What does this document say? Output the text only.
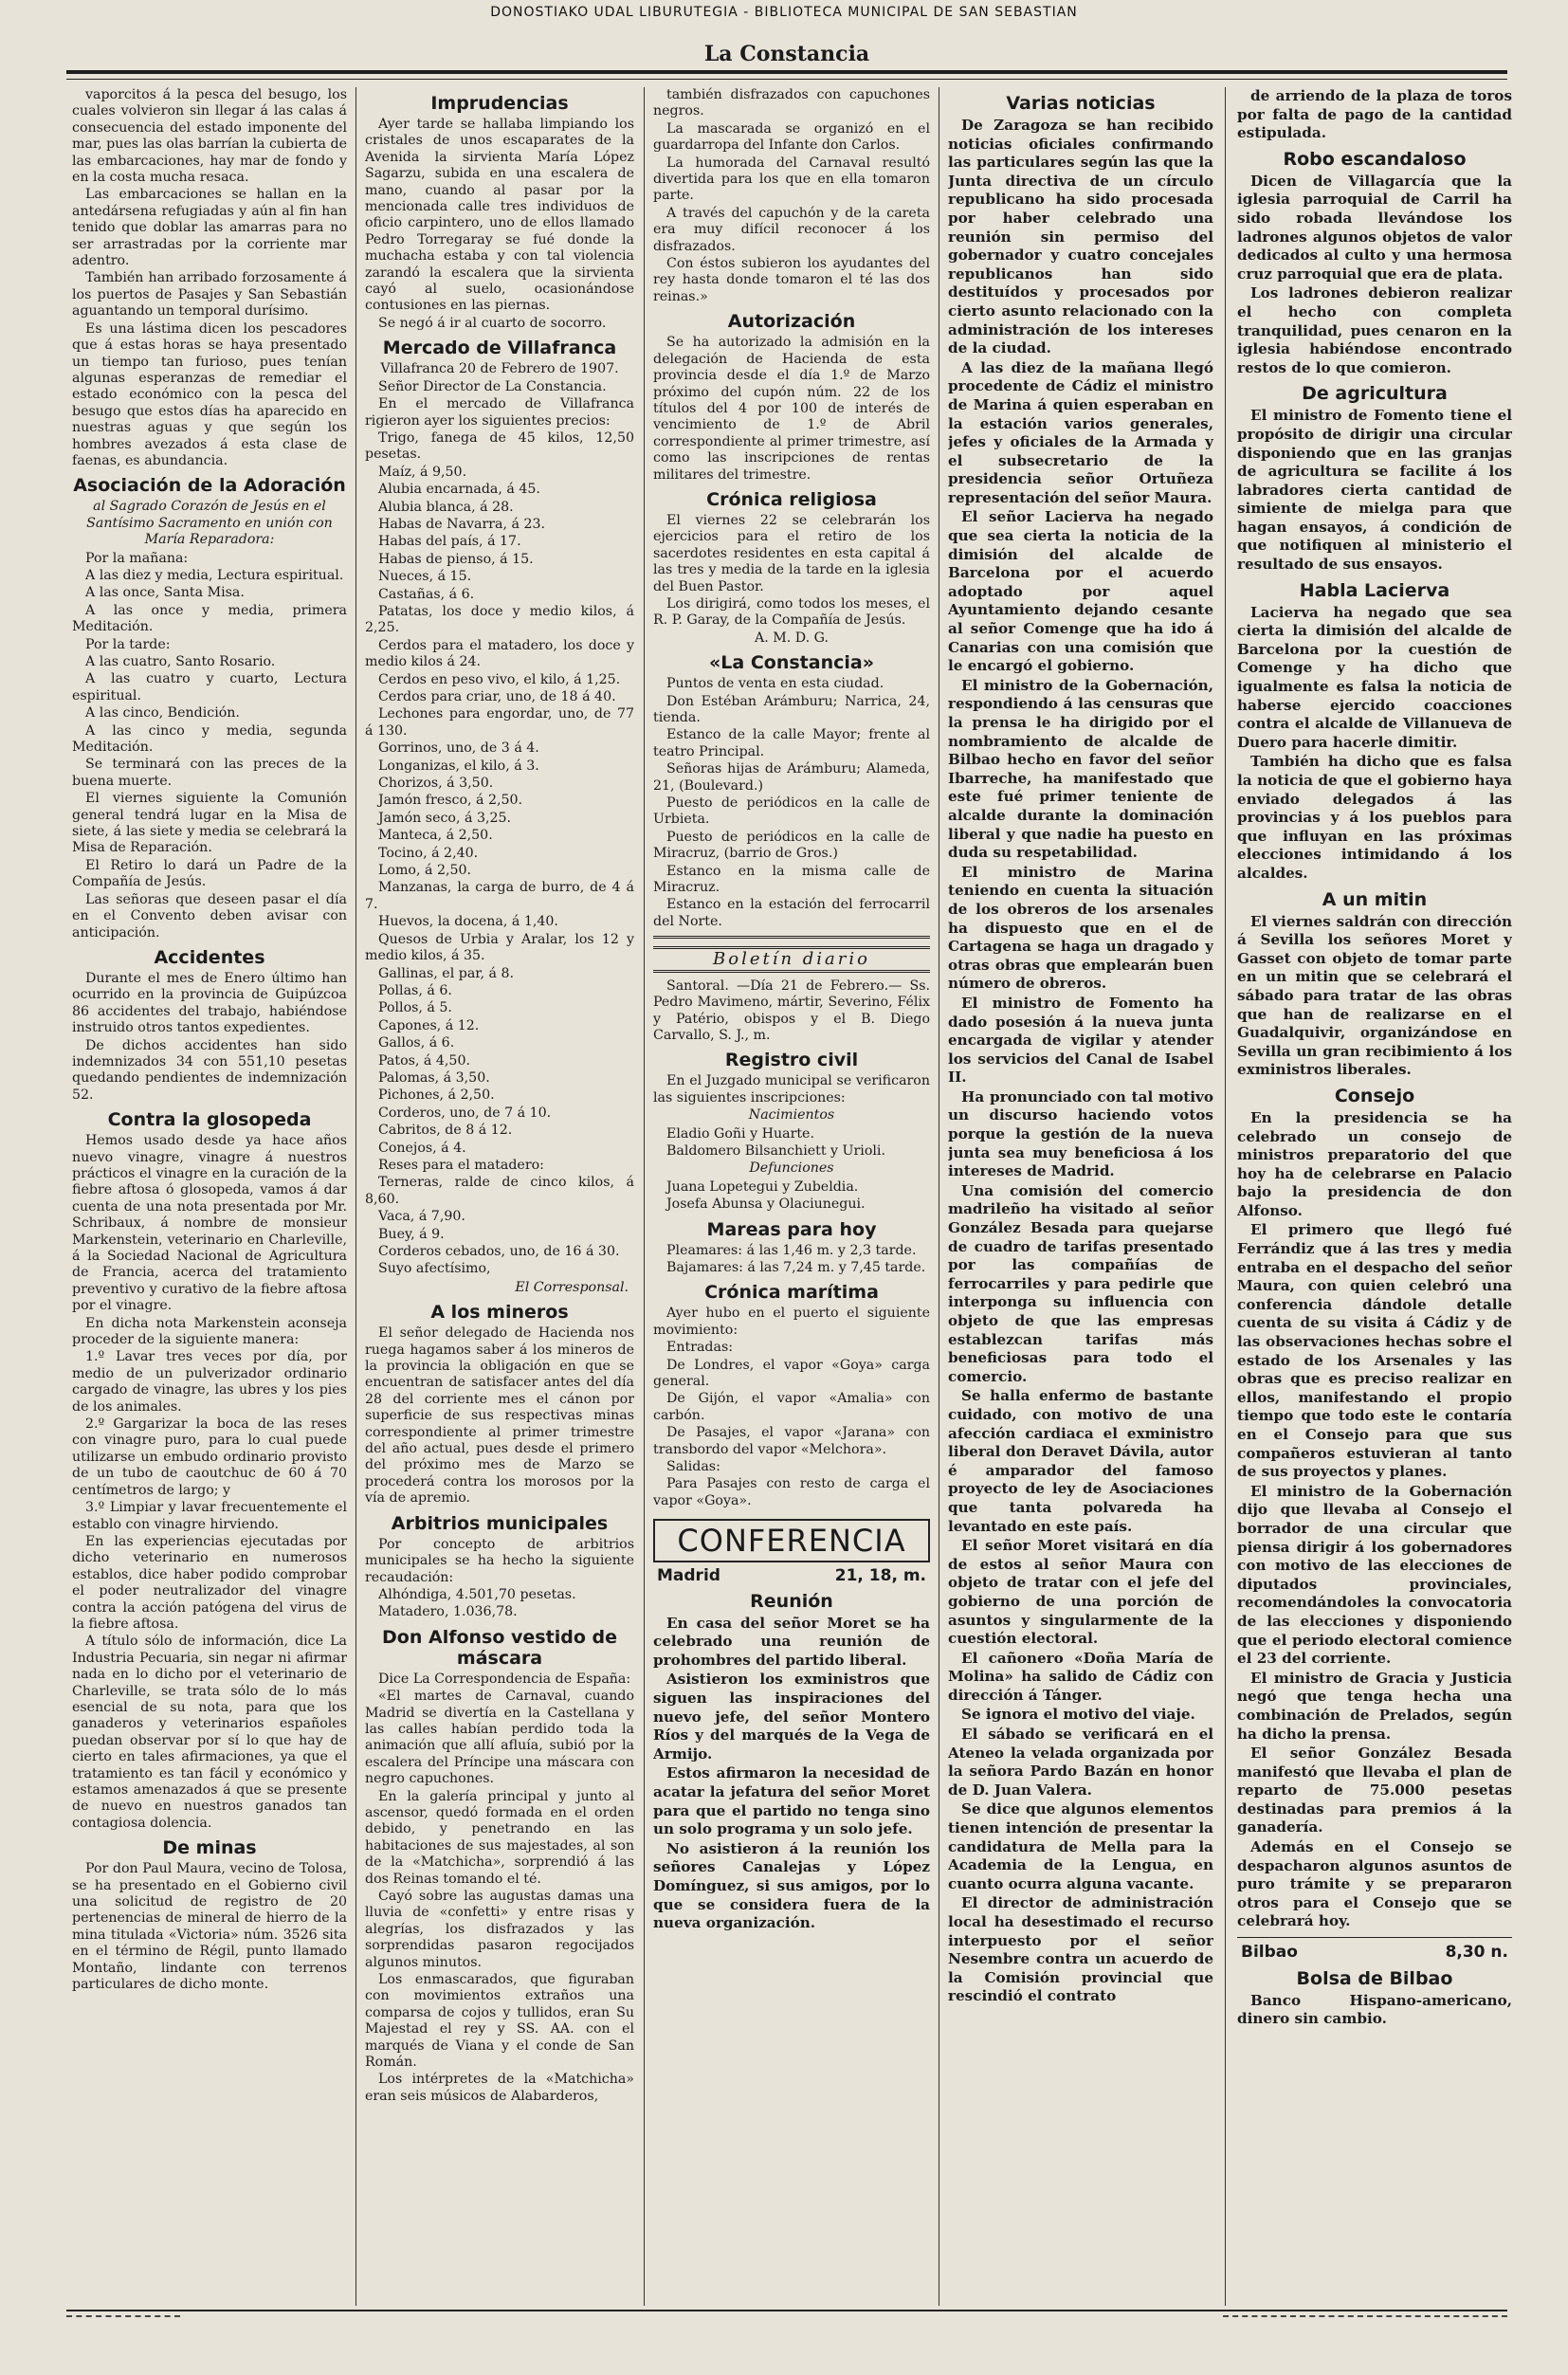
DONOSTIAKO UDAL LIBURUTEGIA - BIBLIOTECA MUNICIPAL DE SAN SEBASTIAN
La Constancia

vaporcitos á la pesca del besugo, los cuales volvieron sin llegar á las calas á consecuencia del estado imponente del mar, pues las olas barrían la cubierta de las embarcaciones, hay mar de fondo y en la costa mucha resaca.

Las embarcaciones se hallan en la antedársena refugiadas y aún al fin han tenido que doblar las amarras para no ser arrastradas por la corriente mar adentro.

También han arribado forzosamente á los puertos de Pasajes y San Sebastián aguantando un temporal durísimo.

Es una lástima dicen los pescadores que á estas horas se haya presentado un tiempo tan furioso, pues tenían algunas esperanzas de remediar el estado económico con la pesca del besugo que estos días ha aparecido en nuestras aguas y que según los hombres avezados á esta clase de faenas, es abundancia.

Asociación de la Adoración

al Sagrado Corazón de Jesús en el Santísimo Sacramento en unión con María Reparadora:

Por la mañana:

A las diez y media, Lectura espiritual.

A las once, Santa Misa.

A las once y media, primera Meditación.

Por la tarde:

A las cuatro, Santo Rosario.

A las cuatro y cuarto, Lectura espiritual.

A las cinco, Bendición.

A las cinco y media, segunda Meditación.

Se terminará con las preces de la buena muerte.

El viernes siguiente la Comunión general tendrá lugar en la Misa de siete, á las siete y media se celebrará la Misa de Reparación.

El Retiro lo dará un Padre de la Compañía de Jesús.

Las señoras que deseen pasar el día en el Convento deben avisar con anticipación.

Accidentes

Durante el mes de Enero último han ocurrido en la provincia de Guipúzcoa 86 accidentes del trabajo, habiéndose instruido otros tantos expedientes.

De dichos accidentes han sido indemnizados 34 con 551,10 pesetas quedando pendientes de indemnización 52.

Contra la glosopeda

Hemos usado desde ya hace años nuevo vinagre, vinagre á nuestros prácticos el vinagre en la curación de la fiebre aftosa ó glosopeda, vamos á dar cuenta de una nota presentada por Mr. Schribaux, á nombre de monsieur Markenstein, veterinario en Charleville, á la Sociedad Nacional de Agricultura de Francia, acerca del tratamiento preventivo y curativo de la fiebre aftosa por el vinagre.

En dicha nota Markenstein aconseja proceder de la siguiente manera:

1.º Lavar tres veces por día, por medio de un pulverizador ordinario cargado de vinagre, las ubres y los pies de los animales.

2.º Gargarizar la boca de las reses con vinagre puro, para lo cual puede utilizarse un embudo ordinario provisto de un tubo de caoutchuc de 60 á 70 centímetros de largo; y

3.º Limpiar y lavar frecuentemente el establo con vinagre hirviendo.

En las experiencias ejecutadas por dicho veterinario en numerosos establos, dice haber podido comprobar el poder neutralizador del vinagre contra la acción patógena del virus de la fiebre aftosa.

A título sólo de información, dice La Industria Pecuaria, sin negar ni afirmar nada en lo dicho por el veterinario de Charleville, se trata sólo de lo más esencial de su nota, para que los ganaderos y veterinarios españoles puedan observar por sí lo que hay de cierto en tales afirmaciones, ya que el tratamiento es tan fácil y económico y estamos amenazados á que se presente de nuevo en nuestros ganados tan contagiosa dolencia.

De minas

Por don Paul Maura, vecino de Tolosa, se ha presentado en el Gobierno civil una solicitud de registro de 20 pertenencias de mineral de hierro de la mina titulada «Victoria» núm. 3526 sita en el término de Régil, punto llamado Montaño, lindante con terrenos particulares de dicho monte.

Imprudencias

Ayer tarde se hallaba limpiando los cristales de unos escaparates de la Avenida la sirvienta María López Sagarzu, subida en una escalera de mano, cuando al pasar por la mencionada calle tres individuos de oficio carpintero, uno de ellos llamado Pedro Torregaray se fué donde la muchacha estaba y con tal violencia zarandó la escalera que la sirvienta cayó al suelo, ocasionándose contusiones en las piernas.

Se negó á ir al cuarto de socorro.

Mercado de Villafranca

Villafranca 20 de Febrero de 1907.

Señor Director de La Constancia.

En el mercado de Villafranca rigieron ayer los siguientes precios:

Trigo, fanega de 45 kilos, 12,50 pesetas.

Maíz, á 9,50.

Alubia encarnada, á 45.

Alubia blanca, á 28.

Habas de Navarra, á 23.

Habas del país, á 17.

Habas de pienso, á 15.

Nueces, á 15.

Castañas, á 6.

Patatas, los doce y medio kilos, á 2,25.

Cerdos para el matadero, los doce y medio kilos á 24.

Cerdos en peso vivo, el kilo, á 1,25.

Cerdos para criar, uno, de 18 á 40.

Lechones para engordar, uno, de 77 á 130.

Gorrinos, uno, de 3 á 4.

Longanizas, el kilo, á 3.

Chorizos, á 3,50.

Jamón fresco, á 2,50.

Jamón seco, á 3,25.

Manteca, á 2,50.

Tocino, á 2,40.

Lomo, á 2,50.

Manzanas, la carga de burro, de 4 á 7.

Huevos, la docena, á 1,40.

Quesos de Urbia y Aralar, los 12 y medio kilos, á 35.

Gallinas, el par, á 8.

Pollas, á 6.

Pollos, á 5.

Capones, á 12.

Gallos, á 6.

Patos, á 4,50.

Palomas, á 3,50.

Pichones, á 2,50.

Corderos, uno, de 7 á 10.

Cabritos, de 8 á 12.

Conejos, á 4.

Reses para el matadero:

Terneras, ralde de cinco kilos, á 8,60.

Vaca, á 7,90.

Buey, á 9.

Corderos cebados, uno, de 16 á 30.

Suyo afectísimo,

El Corresponsal.

A los mineros

El señor delegado de Hacienda nos ruega hagamos saber á los mineros de la provincia la obligación en que se encuentran de satisfacer antes del día 28 del corriente mes el cánon por superficie de sus respectivas minas correspondiente al primer trimestre del año actual, pues desde el primero del próximo mes de Marzo se procederá contra los morosos por la vía de apremio.

Arbitrios municipales

Por concepto de arbitrios municipales se ha hecho la siguiente recaudación:

Alhóndiga, 4.501,70 pesetas.

Matadero, 1.036,78.

Don Alfonso vestido de máscara

Dice La Correspondencia de España:

«El martes de Carnaval, cuando Madrid se divertía en la Castellana y las calles habían perdido toda la animación que allí afluía, subió por la escalera del Príncipe una máscara con negro capuchones.

En la galería principal y junto al ascensor, quedó formada en el orden debido, y penetrando en las habitaciones de sus majestades, al son de la «Matchicha», sorprendió á las dos Reinas tomando el té.

Cayó sobre las augustas damas una lluvia de «confetti» y entre risas y alegrías, los disfrazados y las sorprendidas pasaron regocijados algunos minutos.

Los enmascarados, que figuraban con movimientos extraños una comparsa de cojos y tullidos, eran Su Majestad el rey y SS. AA. con el marqués de Viana y el conde de San Román.

Los intérpretes de la «Matchicha» eran seis músicos de Alabarderos,

también disfrazados con capuchones negros.

La mascarada se organizó en el guardarropa del Infante don Carlos.

La humorada del Carnaval resultó divertida para los que en ella tomaron parte.

A través del capuchón y de la careta era muy difícil reconocer á los disfrazados.

Con éstos subieron los ayudantes del rey hasta donde tomaron el té las dos reinas.»

Autorización

Se ha autorizado la admisión en la delegación de Hacienda de esta provincia desde el día 1.º de Marzo próximo del cupón núm. 22 de los títulos del 4 por 100 de interés de vencimiento de 1.º de Abril correspondiente al primer trimestre, así como las inscripciones de rentas militares del trimestre.

Crónica religiosa

El viernes 22 se celebrarán los ejercicios para el retiro de los sacerdotes residentes en esta capital á las tres y media de la tarde en la iglesia del Buen Pastor.

Los dirigirá, como todos los meses, el R. P. Garay, de la Compañía de Jesús.

A. M. D. G.

«La Constancia»

Puntos de venta en esta ciudad.

Don Estéban Arámburu; Narrica, 24, tienda.

Estanco de la calle Mayor; frente al teatro Principal.

Señoras hijas de Arámburu; Alameda, 21, (Boulevard.)

Puesto de periódicos en la calle de Urbieta.

Puesto de periódicos en la calle de Miracruz, (barrio de Gros.)

Estanco en la misma calle de Miracruz.

Estanco en la estación del ferrocarril del Norte.

Boletín diario

Santoral. —Día 21 de Febrero.— Ss. Pedro Mavimeno, mártir, Severino, Félix y Patério, obispos y el B. Diego Carvallo, S. J., m.

Registro civil

En el Juzgado municipal se verificaron las siguientes inscripciones:

Nacimientos

Eladio Goñi y Huarte.

Baldomero Bilsanchiett y Urioli.

Defunciones

Juana Lopetegui y Zubeldia.

Josefa Abunsa y Olaciunegui.

Mareas para hoy

Pleamares: á las 1,46 m. y 2,3 tarde.

Bajamares: á las 7,24 m. y 7,45 tarde.

Crónica marítima

Ayer hubo en el puerto el siguiente movimiento:

Entradas:

De Londres, el vapor «Goya» carga general.

De Gijón, el vapor «Amalia» con carbón.

De Pasajes, el vapor «Jarana» con transbordo del vapor «Melchora».

Salidas:

Para Pasajes con resto de carga el vapor «Goya».

CONFERENCIA
Madrid	21, 18, m.
Reunión

En casa del señor Moret se ha celebrado una reunión de prohombres del partido liberal.

Asistieron los exministros que siguen las inspiraciones del nuevo jefe, del señor Montero Ríos y del marqués de la Vega de Armijo.

Estos afirmaron la necesidad de acatar la jefatura del señor Moret para que el partido no tenga sino un solo programa y un solo jefe.

No asistieron á la reunión los señores Canalejas y López Domínguez, si sus amigos, por lo que se considera fuera de la nueva organización.

Varias noticias

De Zaragoza se han recibido noticias oficiales confirmando las particulares según las que la Junta directiva de un círculo republicano ha sido procesada por haber celebrado una reunión sin permiso del gobernador y cuatro concejales republicanos han sido destituídos y procesados por cierto asunto relacionado con la administración de los intereses de la ciudad.

A las diez de la mañana llegó procedente de Cádiz el ministro de Marina á quien esperaban en la estación varios generales, jefes y oficiales de la Armada y el subsecretario de la presidencia señor Ortuñeza representación del señor Maura.

El señor Lacierva ha negado que sea cierta la noticia de la dimisión del alcalde de Barcelona por el acuerdo adoptado por aquel Ayuntamiento dejando cesante al señor Comenge que ha ido á Canarias con una comisión que le encargó el gobierno.

El ministro de la Gobernación, respondiendo á las censuras que la prensa le ha dirigido por el nombramiento de alcalde de Bilbao hecho en favor del señor Ibarreche, ha manifestado que este fué primer teniente de alcalde durante la dominación liberal y que nadie ha puesto en duda su respetabilidad.

El ministro de Marina teniendo en cuenta la situación de los obreros de los arsenales ha dispuesto que en el de Cartagena se haga un dragado y otras obras que emplearán buen número de obreros.

El ministro de Fomento ha dado posesión á la nueva junta encargada de vigilar y atender los servicios del Canal de Isabel II.

Ha pronunciado con tal motivo un discurso haciendo votos porque la gestión de la nueva junta sea muy beneficiosa á los intereses de Madrid.

Una comisión del comercio madrileño ha visitado al señor González Besada para quejarse de cuadro de tarifas presentado por las compañías de ferrocarriles y para pedirle que interponga su influencia con objeto de que las empresas establezcan tarifas más beneficiosas para todo el comercio.

Se halla enfermo de bastante cuidado, con motivo de una afección cardiaca el exministro liberal don Deravet Dávila, autor é amparador del famoso proyecto de ley de Asociaciones que tanta polvareda ha levantado en este país.

El señor Moret visitará en día de estos al señor Maura con objeto de tratar con el jefe del gobierno de una porción de asuntos y singularmente de la cuestión electoral.

El cañonero «Doña María de Molina» ha salido de Cádiz con dirección á Tánger.

Se ignora el motivo del viaje.

El sábado se verificará en el Ateneo la velada organizada por la señora Pardo Bazán en honor de D. Juan Valera.

Se dice que algunos elementos tienen intención de presentar la candidatura de Mella para la Academia de la Lengua, en cuanto ocurra alguna vacante.

El director de administración local ha desestimado el recurso interpuesto por el señor Nesembre contra un acuerdo de la Comisión provincial que rescindió el contrato

de arriendo de la plaza de toros por falta de pago de la cantidad estipulada.

Robo escandaloso

Dicen de Villagarcía que la iglesia parroquial de Carril ha sido robada llevándose los ladrones algunos objetos de valor dedicados al culto y una hermosa cruz parroquial que era de plata.

Los ladrones debieron realizar el hecho con completa tranquilidad, pues cenaron en la iglesia habiéndose encontrado restos de lo que comieron.

De agricultura

El ministro de Fomento tiene el propósito de dirigir una circular disponiendo que en las granjas de agricultura se facilite á los labradores cierta cantidad de simiente de mielga para que hagan ensayos, á condición de que notifiquen al ministerio el resultado de sus ensayos.

Habla Lacierva

Lacierva ha negado que sea cierta la dimisión del alcalde de Barcelona por la cuestión de Comenge y ha dicho que igualmente es falsa la noticia de haberse ejercido coacciones contra el alcalde de Villanueva de Duero para hacerle dimitir.

También ha dicho que es falsa la noticia de que el gobierno haya enviado delegados á las provincias y á los pueblos para que influyan en las próximas elecciones intimidando á los alcaldes.

A un mitin

El viernes saldrán con dirección á Sevilla los señores Moret y Gasset con objeto de tomar parte en un mitin que se celebrará el sábado para tratar de las obras que han de realizarse en el Guadalquivir, organizándose en Sevilla un gran recibimiento á los exministros liberales.

Consejo

En la presidencia se ha celebrado un consejo de ministros preparatorio del que hoy ha de celebrarse en Palacio bajo la presidencia de don Alfonso.

El primero que llegó fué Ferrándiz que á las tres y media entraba en el despacho del señor Maura, con quien celebró una conferencia dándole detalle cuenta de su visita á Cádiz y de las observaciones hechas sobre el estado de los Arsenales y las obras que es preciso realizar en ellos, manifestando el propio tiempo que todo este le contaría en el Consejo para que sus compañeros estuvieran al tanto de sus proyectos y planes.

El ministro de la Gobernación dijo que llevaba al Consejo el borrador de una circular que piensa dirigir á los gobernadores con motivo de las elecciones de diputados provinciales, recomendándoles la convocatoria de las elecciones y disponiendo que el periodo electoral comience el 23 del corriente.

El ministro de Gracia y Justicia negó que tenga hecha una combinación de Prelados, según ha dicho la prensa.

El señor González Besada manifestó que llevaba el plan de reparto de 75.000 pesetas destinadas para premios á la ganadería.

Además en el Consejo se despacharon algunos asuntos de puro trámite y se prepararon otros para el Consejo que se celebrará hoy.

Bilbao	8,30 n.
Bolsa de Bilbao

Banco Hispano-americano, dinero sin cambio.
